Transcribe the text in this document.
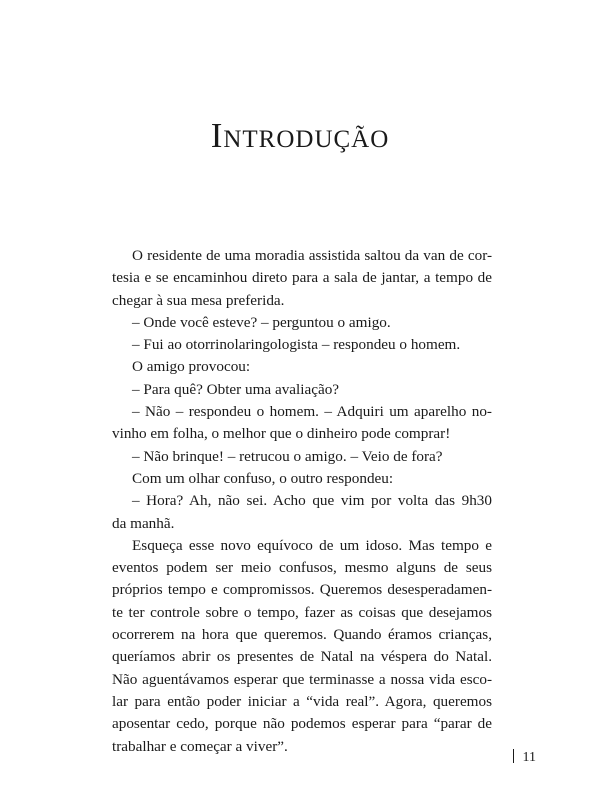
Introdução
O residente de uma moradia assistida saltou da van de cor-
tesia e se encaminhou direto para a sala de jantar, a tempo de
chegar à sua mesa preferida.
– Onde você esteve? – perguntou o amigo.
– Fui ao otorrinolaringologista – respondeu o homem.
O amigo provocou:
– Para quê? Obter uma avaliação?
– Não – respondeu o homem. – Adquiri um aparelho no-
vinho em folha, o melhor que o dinheiro pode comprar!
– Não brinque! – retrucou o amigo. – Veio de fora?
Com um olhar confuso, o outro respondeu:
– Hora? Ah, não sei. Acho que vim por volta das 9h30
da manhã.
Esqueça esse novo equívoco de um idoso. Mas tempo e
eventos podem ser meio confusos, mesmo alguns de seus
próprios tempo e compromissos. Queremos desesperadamen-
te ter controle sobre o tempo, fazer as coisas que desejamos
ocorrerem na hora que queremos. Quando éramos crianças,
queríamos abrir os presentes de Natal na véspera do Natal.
Não aguentávamos esperar que terminasse a nossa vida esco-
lar para então poder iniciar a “vida real”. Agora, queremos
aposentar cedo, porque não podemos esperar para “parar de
trabalhar e começar a viver”.
11
